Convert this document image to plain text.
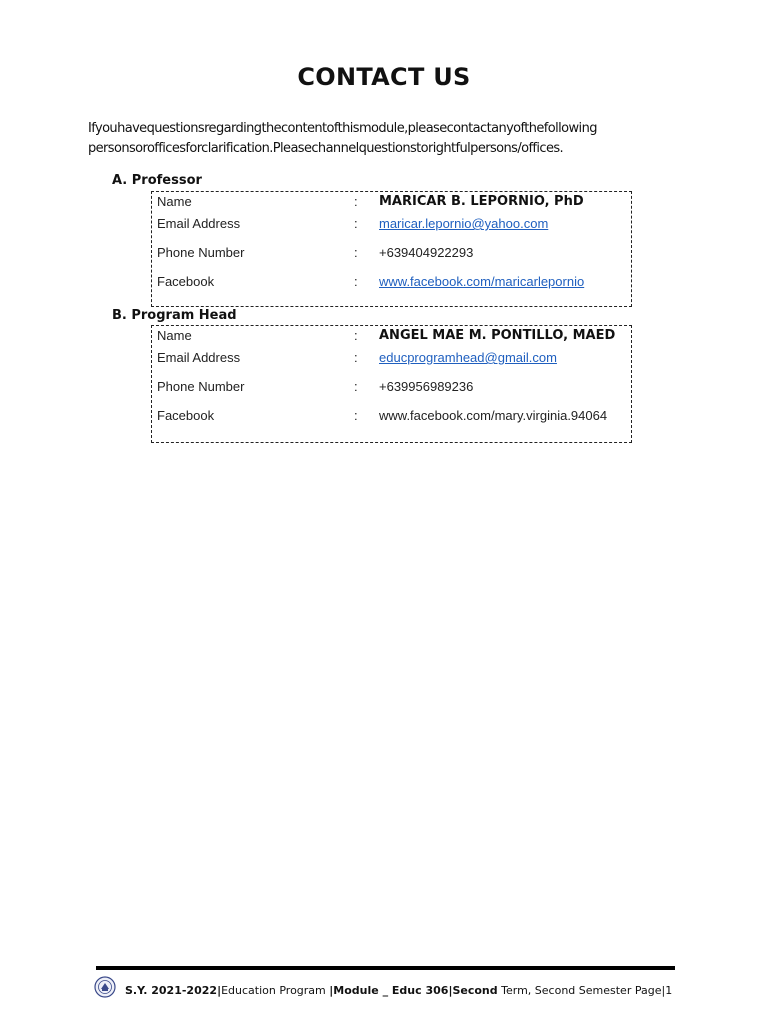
CONTACT US
Ifyouhavequestionsregardingthecontentofthismodule,pleasecontactanyofthefollowing
personsorofficesforclarification.Pleasechannelquestionstorightfulpersons/offices.
A. Professor
Name	: MARICAR B. LEPORNIO, PhD
Email Address	: maricar.lepornio@yahoo.com
Phone Number	: +639404922293
Facebook	: www.facebook.com/maricarlepornio
B. Program Head
Name	: ANGEL MAE M. PONTILLO, MAED
Email Address	: educprogramhead@gmail.com
Phone Number	: +639956989236
Facebook	: www.facebook.com/mary.virginia.94064
S.Y. 2021-2022|Education Program |Module _ Educ 306|Second Term, Second Semester Page|1
